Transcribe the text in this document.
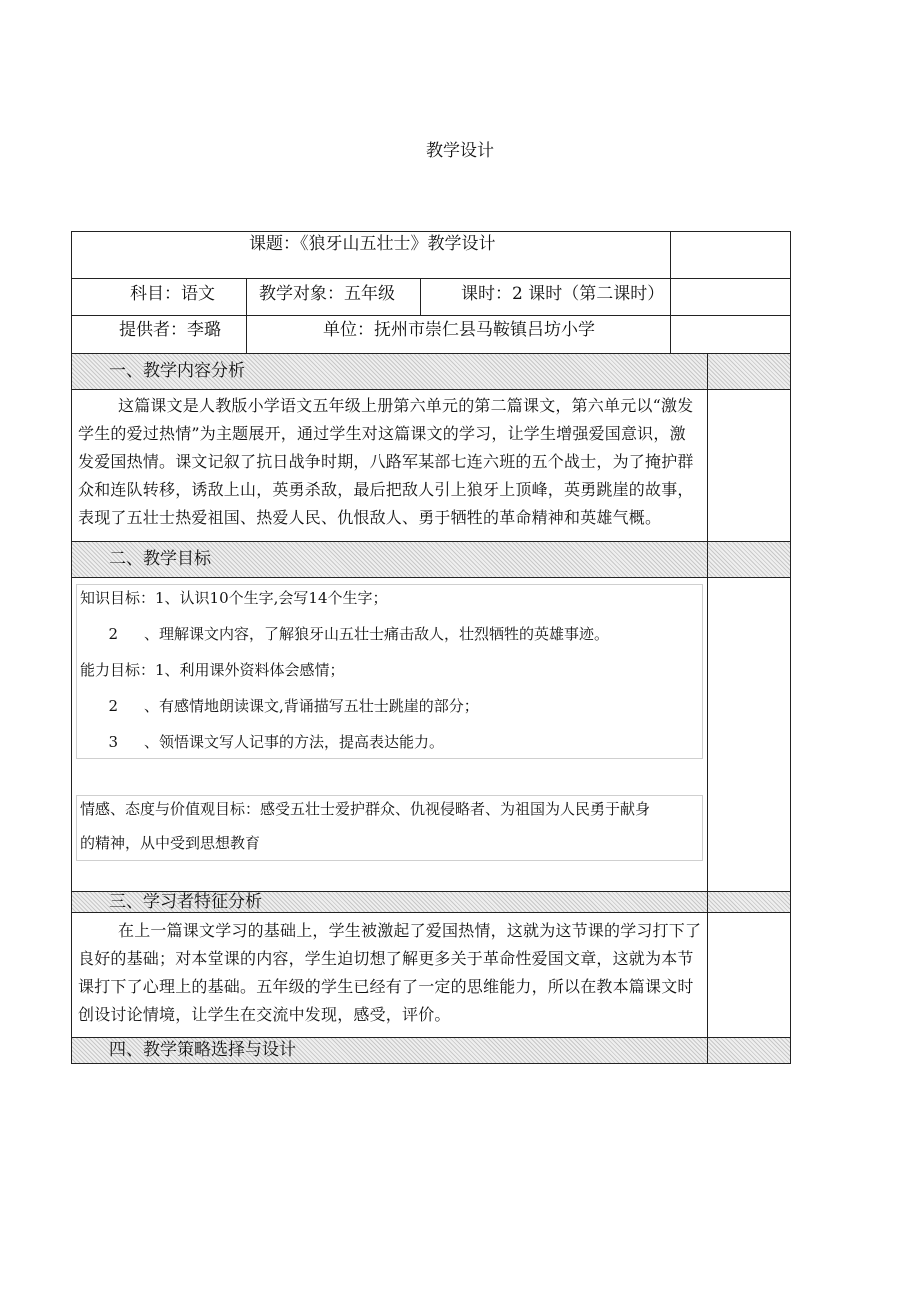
教学设计
课题：《狼牙山五壮士》教学设计
科目：语文	教学对象：五年级	课时：2 课时（第二课时）
提供者：李璐	单位：抚州市崇仁县马鞍镇吕坊小学
一、教学内容分析

这篇课文是人教版小学语文五年级上册第六单元的第二篇课文，第六单元以“激发

学生的爱过热情”为主题展开，通过学生对这篇课文的学习，让学生增强爱国意识，激

发爱国热情。课文记叙了抗日战争时期，八路军某部七连六班的五个战士，为了掩护群

众和连队转移，诱敌上山，英勇杀敌，最后把敌人引上狼牙上顶峰，英勇跳崖的故事，

表现了五壮士热爱祖国、热爱人民、仇恨敌人、勇于牺牲的革命精神和英雄气概。

二、教学目标
知识目标：1、认识10个生字,会写14个生字；
2 、理解课文内容，了解狼牙山五壮士痛击敌人，壮烈牺牲的英雄事迹。
能力目标：1、利用课外资料体会感情；
2 、有感情地朗读课文,背诵描写五壮士跳崖的部分；
3 、领悟课文写人记事的方法，提高表达能力。
情感、态度与价值观目标：感受五壮士爱护群众、仇视侵略者、为祖国为人民勇于献身
的精神，从中受到思想教育
三、学习者特征分析

在上一篇课文学习的基础上，学生被激起了爱国热情，这就为这节课的学习打下了

良好的基础；对本堂课的内容，学生迫切想了解更多关于革命性爱国文章，这就为本节

课打下了心理上的基础。五年级的学生已经有了一定的思维能力，所以在教本篇课文时

创设讨论情境，让学生在交流中发现，感受，评价。

四、教学策略选择与设计
